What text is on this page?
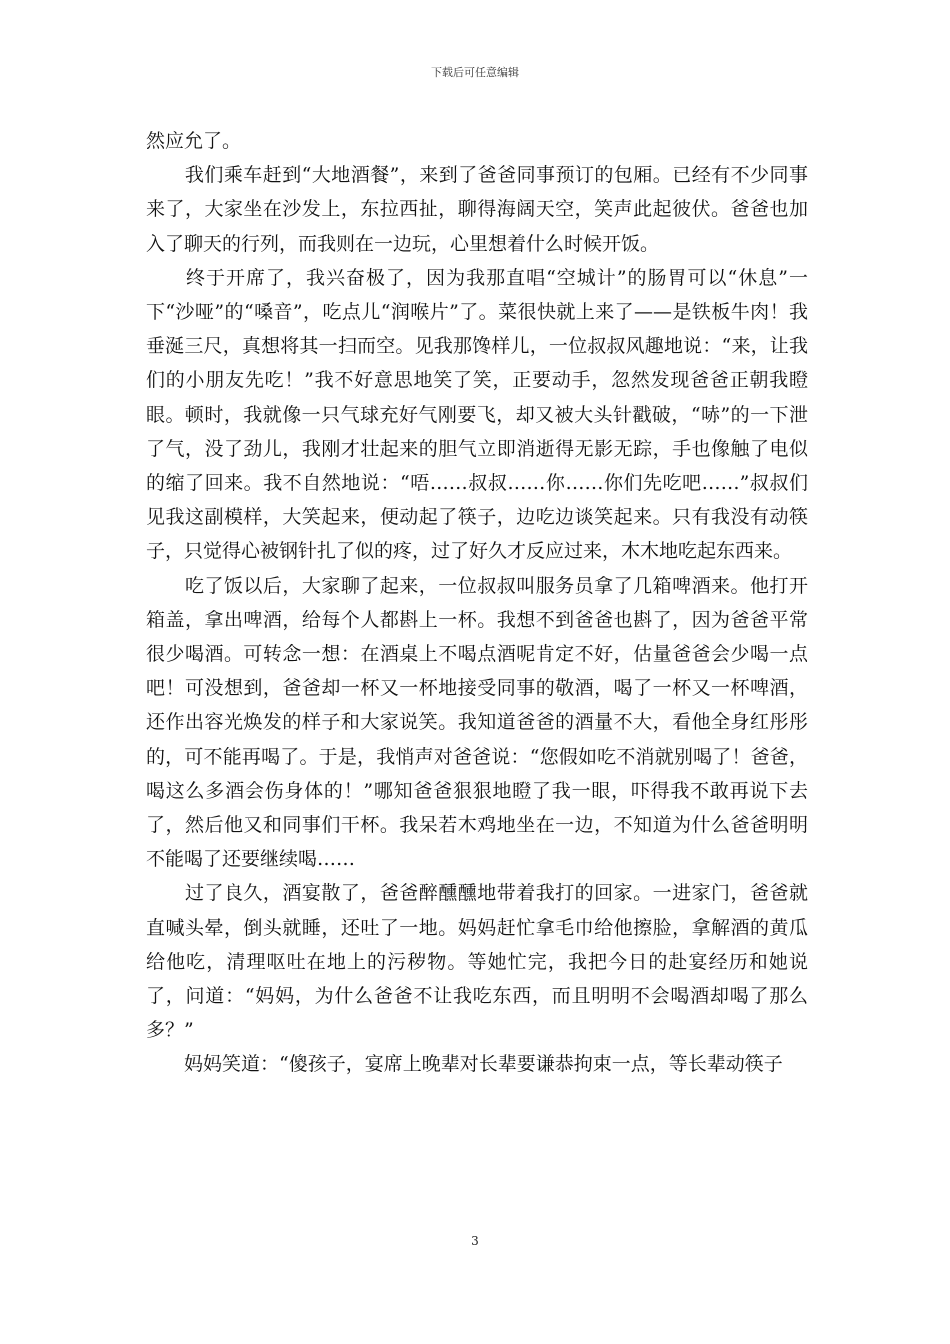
下载后可任意编辑

然应允了。

　　我们乘车赶到“大地酒餐”，来到了爸爸同事预订的包厢。已经有不少同事来了，大家坐在沙发上，东拉西扯，聊得海阔天空，笑声此起彼伏。爸爸也加入了聊天的行列，而我则在一边玩，心里想着什么时候开饭。

　　终于开席了，我兴奋极了，因为我那直唱“空城计”的肠胃可以“休息”一下“沙哑”的“嗓音”，吃点儿“润喉片”了。菜很快就上来了——是铁板牛肉！我垂涎三尺，真想将其一扫而空。见我那馋样儿，一位叔叔风趣地说：“来，让我们的小朋友先吃！”我不好意思地笑了笑，正要动手，忽然发现爸爸正朝我瞪眼。顿时，我就像一只气球充好气刚要飞，却又被大头针戳破，“哧”的一下泄了气，没了劲儿，我刚才壮起来的胆气立即消逝得无影无踪，手也像触了电似的缩了回来。我不自然地说：“唔……叔叔……你……你们先吃吧……”叔叔们见我这副模样，大笑起来，便动起了筷子，边吃边谈笑起来。只有我没有动筷子，只觉得心被钢针扎了似的疼，过了好久才反应过来，木木地吃起东西来。

　　吃了饭以后，大家聊了起来，一位叔叔叫服务员拿了几箱啤酒来。他打开箱盖，拿出啤酒，给每个人都斟上一杯。我想不到爸爸也斟了，因为爸爸平常很少喝酒。可转念一想：在酒桌上不喝点酒呢肯定不好，估量爸爸会少喝一点吧！可没想到，爸爸却一杯又一杯地接受同事的敬酒，喝了一杯又一杯啤酒，还作出容光焕发的样子和大家说笑。我知道爸爸的酒量不大，看他全身红彤彤的，可不能再喝了。于是，我悄声对爸爸说：“您假如吃不消就别喝了！爸爸，喝这么多酒会伤身体的！”哪知爸爸狠狠地瞪了我一眼，吓得我不敢再说下去了，然后他又和同事们干杯。我呆若木鸡地坐在一边，不知道为什么爸爸明明不能喝了还要继续喝……

　　过了良久，酒宴散了，爸爸醉醺醺地带着我打的回家。一进家门，爸爸就直喊头晕，倒头就睡，还吐了一地。妈妈赶忙拿毛巾给他擦脸，拿解酒的黄瓜给他吃，清理呕吐在地上的污秽物。等她忙完，我把今日的赴宴经历和她说了，问道：“妈妈，为什么爸爸不让我吃东西，而且明明不会喝酒却喝了那么多？”

　　妈妈笑道：“傻孩子，宴席上晚辈对长辈要谦恭拘束一点，等长辈动筷子

3
